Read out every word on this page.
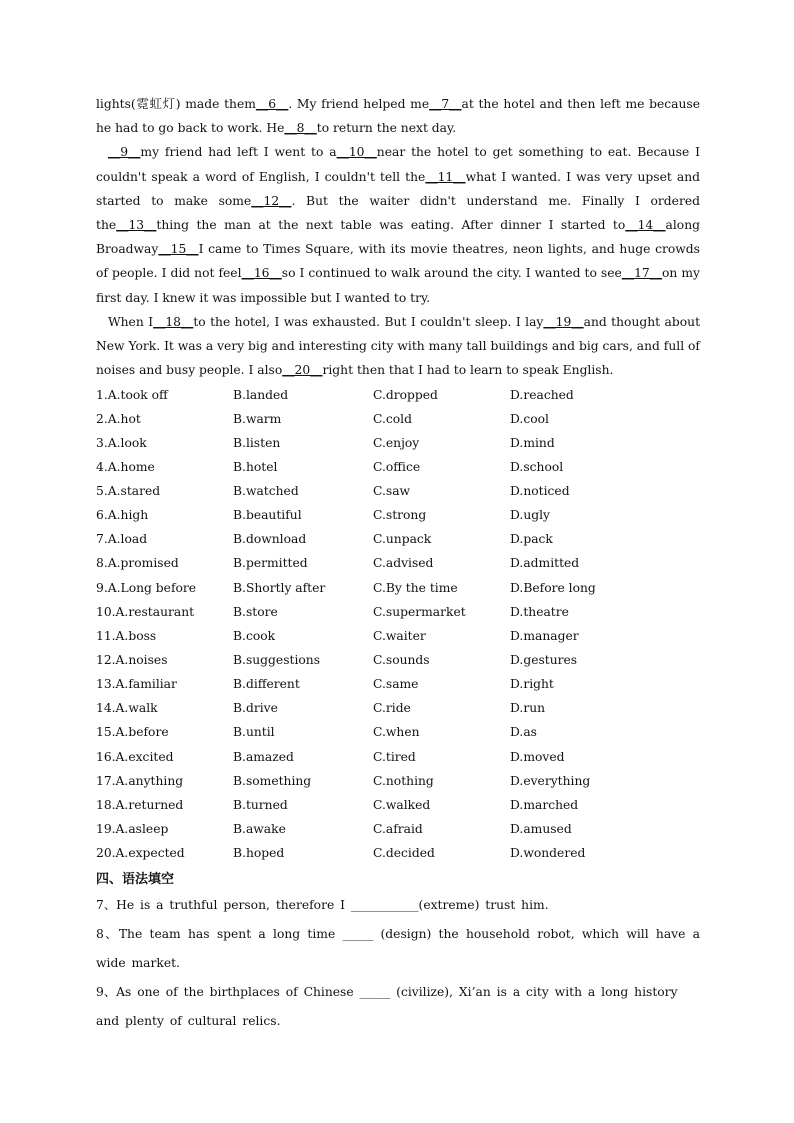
lights(霓虹灯) made them__6__. My friend helped me__7__at the hotel and then left me because he had to go back to work. He__8__to return the next day.

__9__my friend had left I went to a__10__near the hotel to get something to eat. Because I couldn't speak a word of English, I couldn't tell the__11__what I wanted. I was very upset and started to make some__12__. But the waiter didn't understand me. Finally I ordered the__13__thing the man at the next table was eating. After dinner I started to__14__along Broadway__15__I came to Times Square, with its movie theatres, neon lights, and huge crowds of people. I did not feel__16__so I continued to walk around the city. I wanted to see__17__on my first day. I knew it was impossible but I wanted to try.

When I__18__to the hotel, I was exhausted. But I couldn't sleep. I lay__19__and thought about New York. It was a very big and interesting city with many tall buildings and big cars, and full of noises and busy people. I also__20__right then that I had to learn to speak English.

1.A.took off	B.landed	C.dropped	D.reached
2.A.hot	B.warm	C.cold	D.cool
3.A.look	B.listen	C.enjoy	D.mind
4.A.home	B.hotel	C.office	D.school
5.A.stared	B.watched	C.saw	D.noticed
6.A.high	B.beautiful	C.strong	D.ugly
7.A.load	B.download	C.unpack	D.pack
8.A.promised	B.permitted	C.advised	D.admitted
9.A.Long before	B.Shortly after	C.By the time	D.Before long
10.A.restaurant	B.store	C.supermarket	D.theatre
11.A.boss	B.cook	C.waiter	D.manager
12.A.noises	B.suggestions	C.sounds	D.gestures
13.A.familiar	B.different	C.same	D.right
14.A.walk	B.drive	C.ride	D.run
15.A.before	B.until	C.when	D.as
16.A.excited	B.amazed	C.tired	D.moved
17.A.anything	B.something	C.nothing	D.everything
18.A.returned	B.turned	C.walked	D.marched
19.A.asleep	B.awake	C.afraid	D.amused
20.A.expected	B.hoped	C.decided	D.wondered
四、语法填空

7、He is a truthful person, therefore I ___________(extreme) trust him.

8、The team has spent a long time _____ (design) the household robot, which will have a wide market.

9、As one of the birthplaces of Chinese _____ (civilize), Xi’an is a city with a long history and plenty of cultural relics.
